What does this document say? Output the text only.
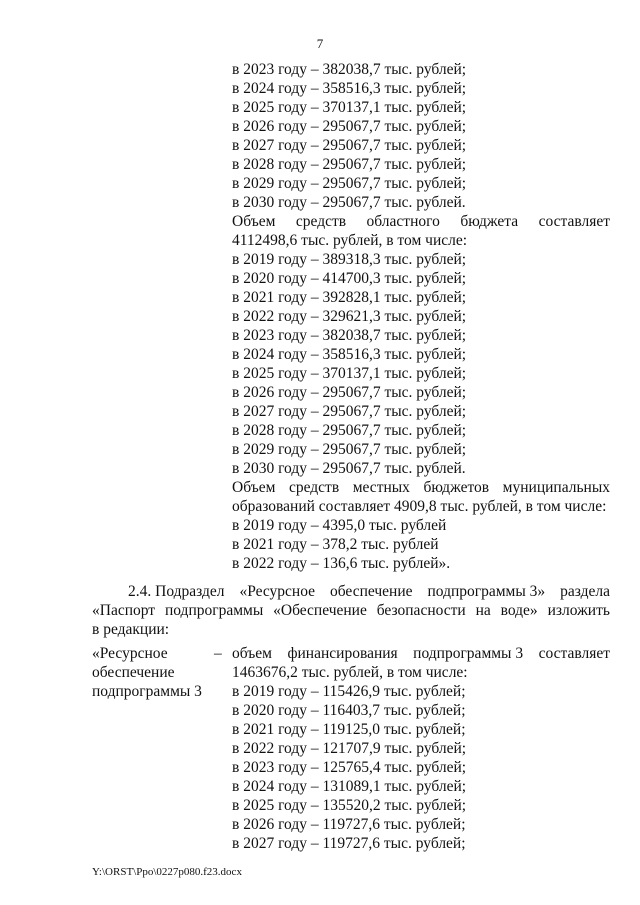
7
в 2023 году – 382038,7 тыс. рублей;
в 2024 году – 358516,3 тыс. рублей;
в 2025 году – 370137,1 тыс. рублей;
в 2026 году – 295067,7 тыс. рублей;
в 2027 году – 295067,7 тыс. рублей;
в 2028 году – 295067,7 тыс. рублей;
в 2029 году – 295067,7 тыс. рублей;
в 2030 году – 295067,7 тыс. рублей.
Объем средств областного бюджета составляет
4112498,6 тыс. рублей, в том числе:
в 2019 году – 389318,3 тыс. рублей;
в 2020 году – 414700,3 тыс. рублей;
в 2021 году – 392828,1 тыс. рублей;
в 2022 году – 329621,3 тыс. рублей;
в 2023 году – 382038,7 тыс. рублей;
в 2024 году – 358516,3 тыс. рублей;
в 2025 году – 370137,1 тыс. рублей;
в 2026 году – 295067,7 тыс. рублей;
в 2027 году – 295067,7 тыс. рублей;
в 2028 году – 295067,7 тыс. рублей;
в 2029 году – 295067,7 тыс. рублей;
в 2030 году – 295067,7 тыс. рублей.
Объем средств местных бюджетов муниципальных
образований составляет 4909,8 тыс. рублей, в том числе:
в 2019 году – 4395,0 тыс. рублей
в 2021 году – 378,2 тыс. рублей
в 2022 году – 136,6 тыс. рублей».
2.4. Подраздел «Ресурсное обеспечение подпрограммы 3» раздела
«Паспорт подпрограммы «Обеспечение безопасности на воде» изложить
в редакции:
«Ресурсное
обеспечение
подпрограммы 3
– объем финансирования подпрограммы 3 составляет
1463676,2 тыс. рублей, в том числе:
в 2019 году – 115426,9 тыс. рублей;
в 2020 году – 116403,7 тыс. рублей;
в 2021 году – 119125,0 тыс. рублей;
в 2022 году – 121707,9 тыс. рублей;
в 2023 году – 125765,4 тыс. рублей;
в 2024 году – 131089,1 тыс. рублей;
в 2025 году – 135520,2 тыс. рублей;
в 2026 году – 119727,6 тыс. рублей;
в 2027 году – 119727,6 тыс. рублей;
Y:\ORST\Ppo\0227p080.f23.docx
